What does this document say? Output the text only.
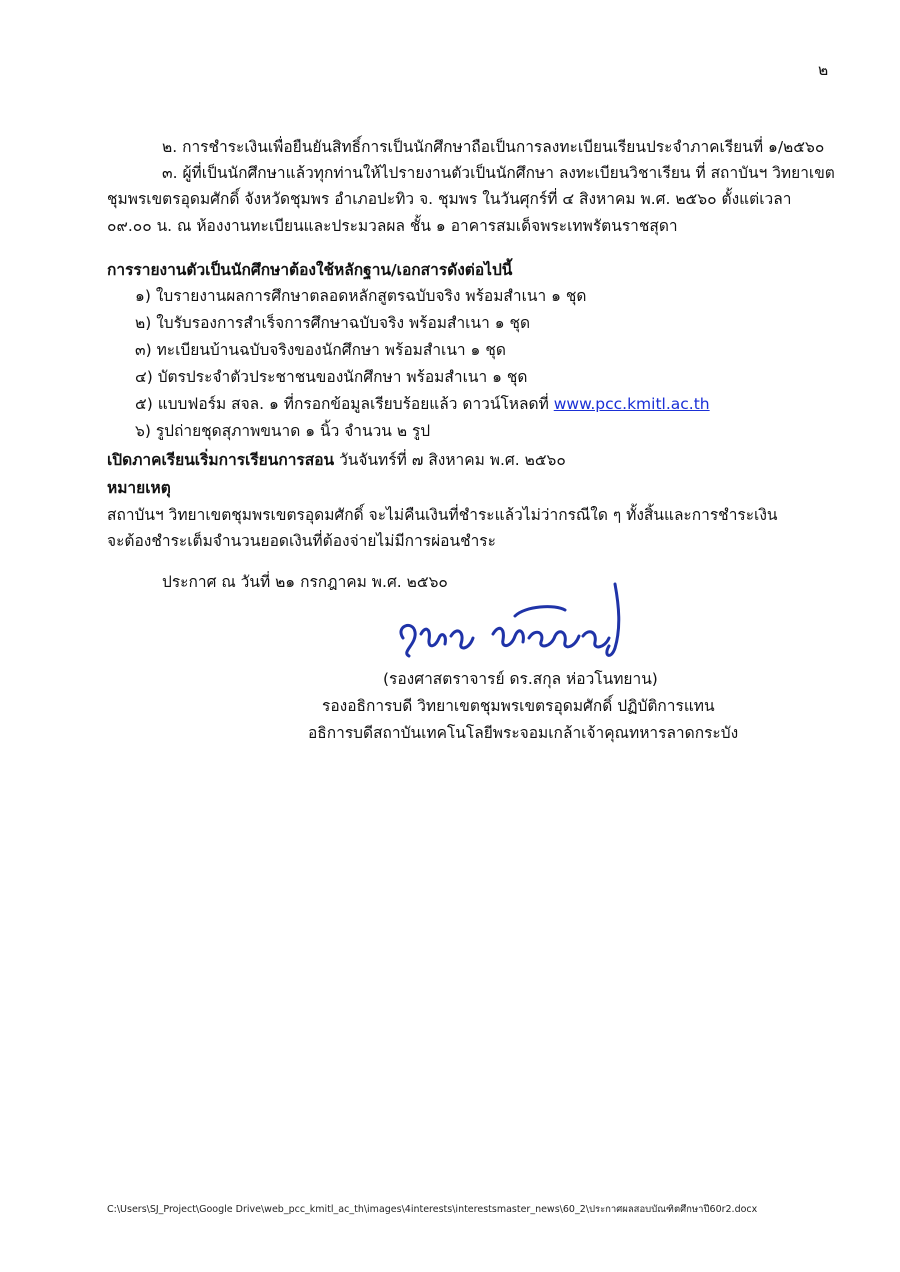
๒
๒. การชำระเงินเพื่อยืนยันสิทธิ์การเป็นนักศึกษาถือเป็นการลงทะเบียนเรียนประจำภาคเรียนที่ ๑/๒๕๖๐
๓. ผู้ที่เป็นนักศึกษาแล้วทุกท่านให้ไปรายงานตัวเป็นนักศึกษา ลงทะเบียนวิชาเรียน ที่ สถาบันฯ วิทยาเขต
ชุมพรเขตรอุดมศักดิ์ จังหวัดชุมพร อำเภอปะทิว จ. ชุมพร ในวันศุกร์ที่ ๔ สิงหาคม พ.ศ. ๒๕๖๐ ตั้งแต่เวลา
๐๙.๐๐ น. ณ ห้องงานทะเบียนและประมวลผล ชั้น ๑ อาคารสมเด็จพระเทพรัตนราชสุดา
การรายงานตัวเป็นนักศึกษาต้องใช้หลักฐาน/เอกสารดังต่อไปนี้
๑) ใบรายงานผลการศึกษาตลอดหลักสูตรฉบับจริง พร้อมสำเนา ๑ ชุด
๒) ใบรับรองการสำเร็จการศึกษาฉบับจริง พร้อมสำเนา ๑ ชุด
๓) ทะเบียนบ้านฉบับจริงของนักศึกษา พร้อมสำเนา ๑ ชุด
๔) บัตรประจำตัวประชาชนของนักศึกษา พร้อมสำเนา ๑ ชุด
๕) แบบฟอร์ม สจล. ๑ ที่กรอกข้อมูลเรียบร้อยแล้ว ดาวน์โหลดที่ www.pcc.kmitl.ac.th
๖) รูปถ่ายชุดสุภาพขนาด ๑ นิ้ว จำนวน ๒ รูป
เปิดภาคเรียนเริ่มการเรียนการสอน วันจันทร์ที่ ๗ สิงหาคม พ.ศ. ๒๕๖๐
หมายเหตุ
สถาบันฯ วิทยาเขตชุมพรเขตรอุดมศักดิ์ จะไม่คืนเงินที่ชำระแล้วไม่ว่ากรณีใด ๆ ทั้งสิ้นและการชำระเงิน
จะต้องชำระเต็มจำนวนยอดเงินที่ต้องจ่ายไม่มีการผ่อนชำระ
ประกาศ ณ วันที่ ๒๑ กรกฎาคม พ.ศ. ๒๕๖๐
(รองศาสตราจารย์ ดร.สกุล ห่อวโนทยาน)
รองอธิการบดี วิทยาเขตชุมพรเขตรอุดมศักดิ์ ปฏิบัติการแทน
อธิการบดีสถาบันเทคโนโลยีพระจอมเกล้าเจ้าคุณทหารลาดกระบัง
C:\Users\SJ_Project\Google Drive\web_pcc_kmitl_ac_th\images\4interests\interestsmaster_news\60_2\ประกาศผลสอบบัณฑิตศึกษาปี60r2.docx
